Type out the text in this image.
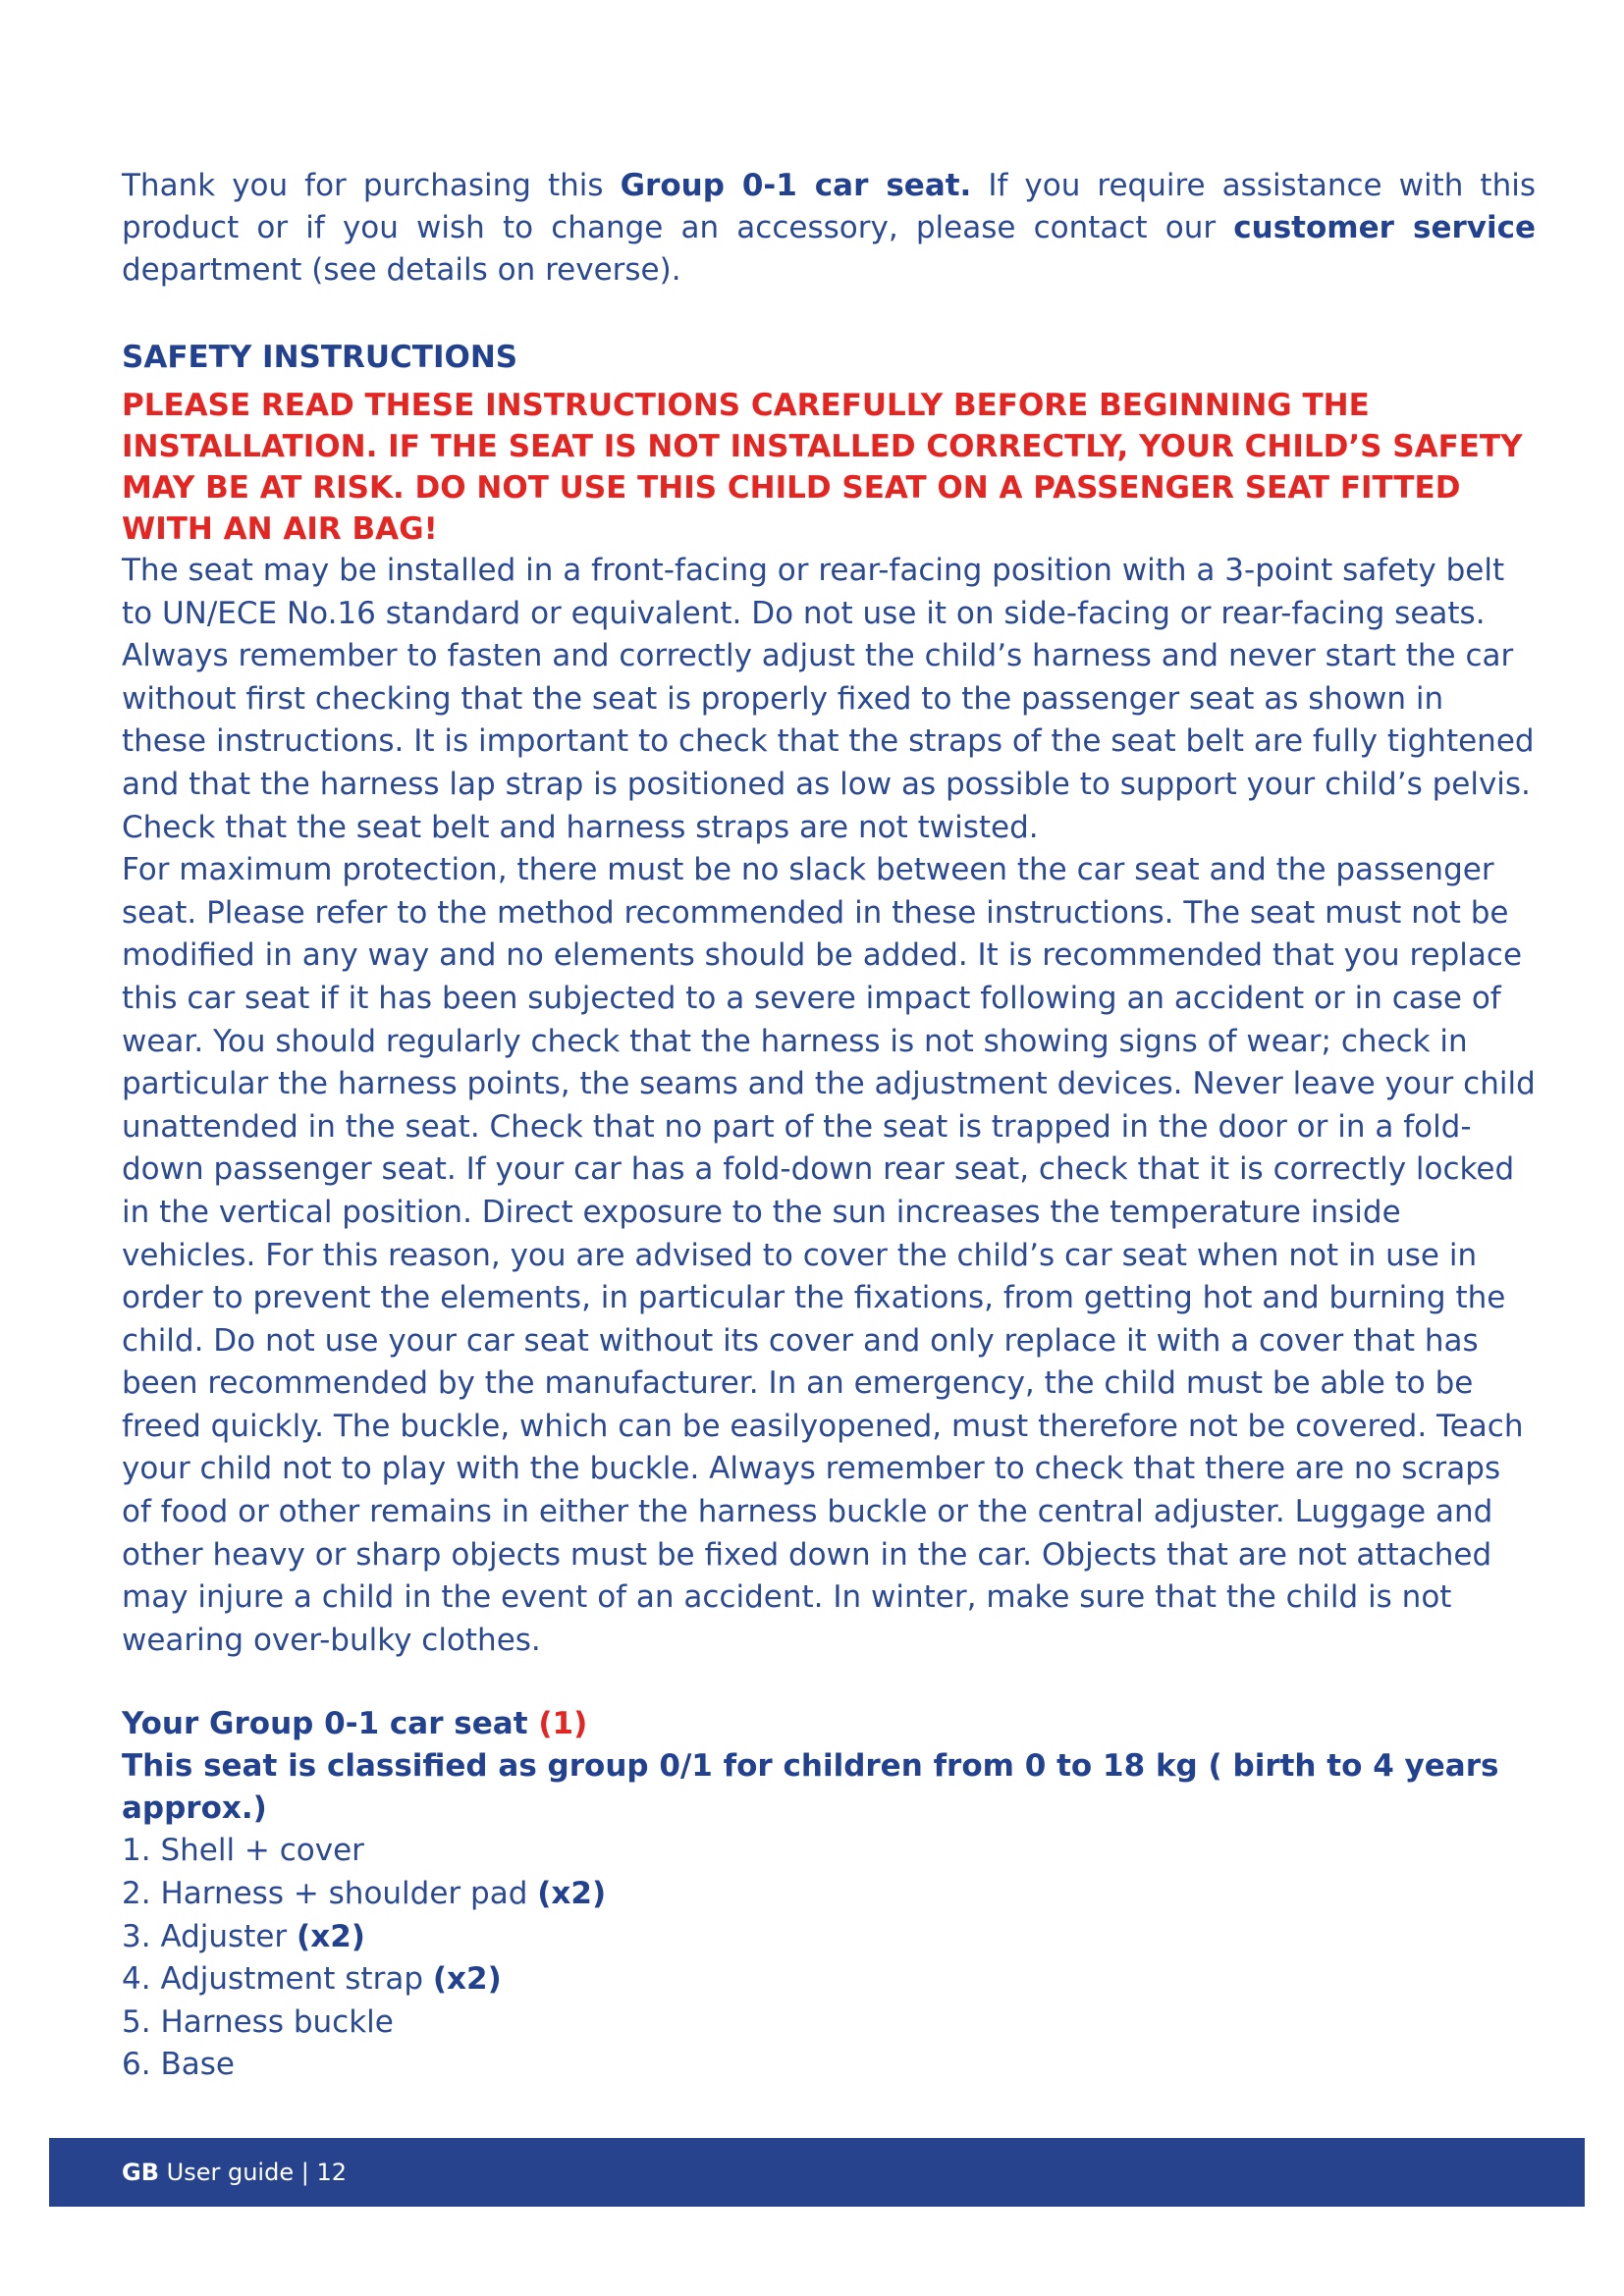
Thank you for purchasing this Group 0-1 car seat. If you require assistance with this product or if you wish to change an accessory, please contact our customer service department (see details on reverse).

SAFETY INSTRUCTIONS

PLEASE READ THESE INSTRUCTIONS CAREFULLY BEFORE BEGINNING THE INSTALLATION. IF THE SEAT IS NOT INSTALLED CORRECTLY, YOUR CHILD’S SAFETY MAY BE AT RISK. DO NOT USE THIS CHILD SEAT ON A PASSENGER SEAT FITTED WITH AN AIR BAG!

The seat may be installed in a front-facing or rear-facing position with a 3-point safety belt to UN/ECE No.16 standard or equivalent. Do not use it on side-facing or rear-facing seats. Always remember to fasten and correctly adjust the child’s harness and never start the car without first checking that the seat is properly fixed to the passenger seat as shown in these instructions. It is important to check that the straps of the seat belt are fully tightened and that the harness lap strap is positioned as low as possible to support your child’s pelvis. Check that the seat belt and harness straps are not twisted.

For maximum protection, there must be no slack between the car seat and the passenger seat. Please refer to the method recommended in these instructions. The seat must not be modified in any way and no elements should be added. It is recommended that you replace this car seat if it has been subjected to a severe impact following an accident or in case of wear. You should regularly check that the harness is not showing signs of wear; check in particular the harness points, the seams and the adjustment devices. Never leave your child unattended in the seat. Check that no part of the seat is trapped in the door or in a fold-down passenger seat. If your car has a fold-down rear seat, check that it is correctly locked in the vertical position. Direct exposure to the sun increases the temperature inside vehicles. For this reason, you are advised to cover the child’s car seat when not in use in order to prevent the elements, in particular the fixations, from getting hot and burning the child. Do not use your car seat without its cover and only replace it with a cover that has been recommended by the manufacturer. In an emergency, the child must be able to be freed quickly. The buckle, which can be easilyopened, must therefore not be covered. Teach your child not to play with the buckle. Always remember to check that there are no scraps of food or other remains in either the harness buckle or the central adjuster. Luggage and other heavy or sharp objects must be fixed down in the car. Objects that are not attached may injure a child in the event of an accident. In winter, make sure that the child is not wearing over-bulky clothes.

Your Group 0-1 car seat (1)

This seat is classified as group 0/1 for children from 0 to 18 kg ( birth to 4 years approx.)

1. Shell + cover
2. Harness + shoulder pad (x2)
3. Adjuster (x2)
4. Adjustment strap (x2)
5. Harness buckle
6. Base
GB User guide | 12
